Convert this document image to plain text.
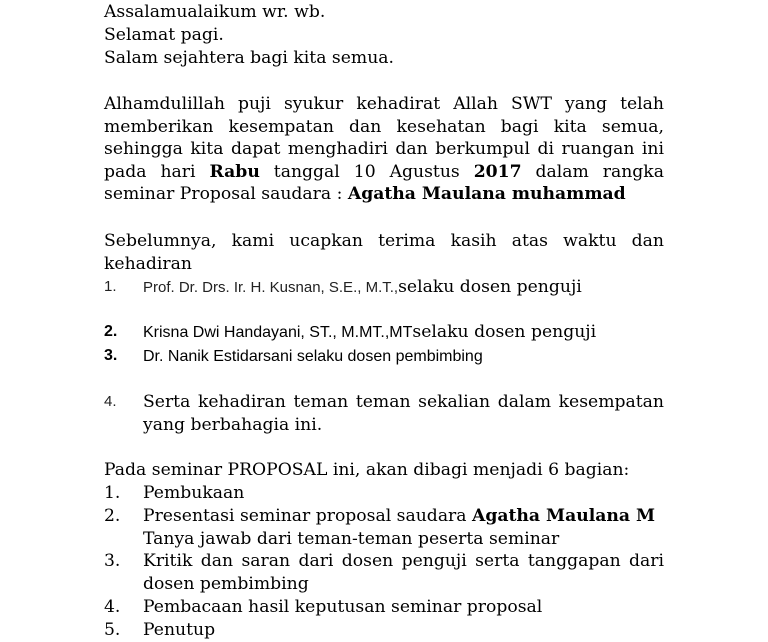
Assalamualaikum wr. wb.

Selamat pagi.

Salam sejahtera bagi kita semua.

Alhamdulillah puji syukur kehadirat Allah SWT yang telah memberikan kesempatan dan kesehatan bagi kita semua, sehingga kita dapat menghadiri dan berkumpul di ruangan ini pada hari Rabu tanggal 10 Agustus 2017 dalam rangka seminar Proposal saudara : Agatha Maulana muhammad

Sebelumnya, kami ucapkan terima kasih atas waktu dan kehadiran

1. Prof. Dr. Drs. Ir. H. Kusnan, S.E., M.T.,selaku dosen penguji
2. Krisna Dwi Handayani, ST., M.MT.,MTselaku dosen penguji
3. Dr. Nanik Estidarsani selaku dosen pembimbing
4. Serta kehadiran teman teman sekalian dalam kesempatan yang berbahagia ini.

Pada seminar PROPOSAL ini, akan dibagi menjadi 6 bagian:

1. Pembukaan
2. Presentasi seminar proposal saudara Agatha Maulana M
Tanya jawab dari teman-teman peserta seminar
3. Kritik dan saran dari dosen penguji serta tanggapan dari dosen pembimbing
4. Pembacaan hasil keputusan seminar proposal
5. Penutup
